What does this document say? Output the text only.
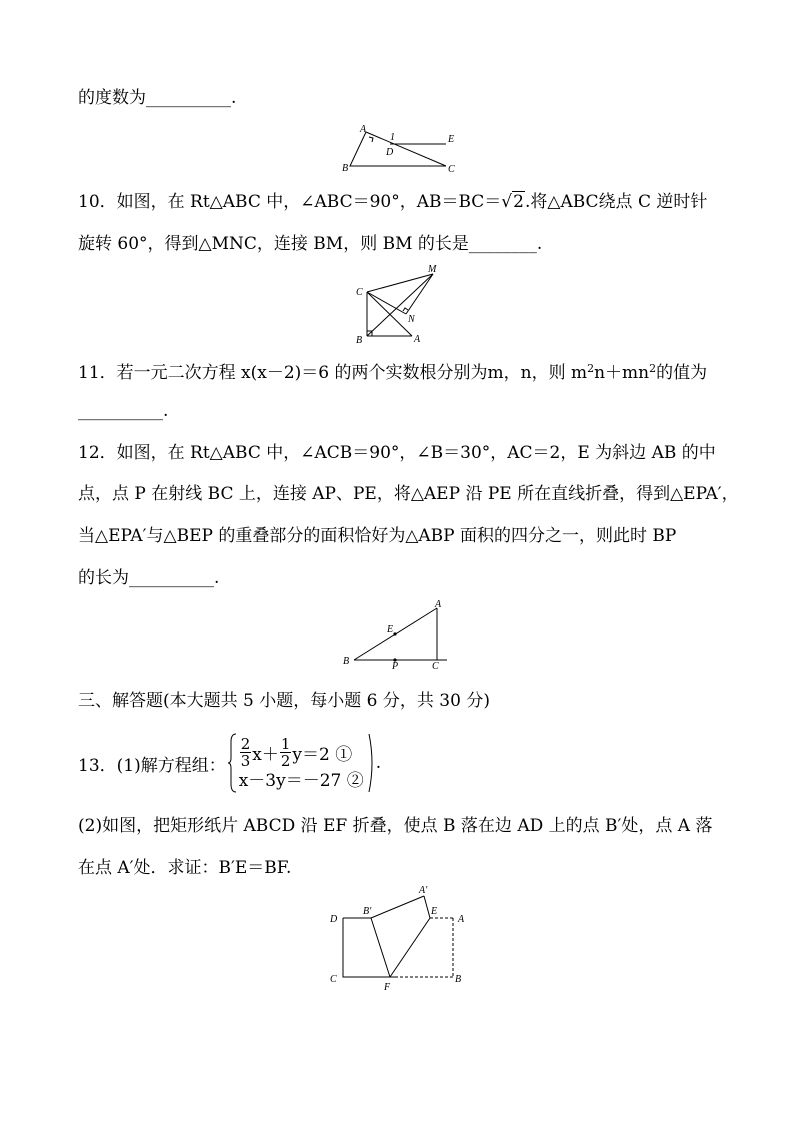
的度数为__________.
A
1	E
D
B	C
10．如图，在 Rt△ABC 中，∠ABC＝90°，AB＝BC＝√2.将△ABC绕点 C 逆时针
旋转 60°，得到△MNC，连接 BM，则 BM 的长是________.
M
C
N
B	A
11．若一元二次方程 x(x－2)＝6 的两个实数根分别为m，n，则 $m^2n+mn^2$的值为
__________.
12．如图，在 Rt△ABC 中，∠ACB＝90°，∠B＝30°，AC＝2，E 为斜边 AB 的中
点，点 P 在射线 BC 上，连接 AP、PE，将△AEP 沿 PE 所在直线折叠，得到△EPA′，
当△EPA′与△BEP 的重叠部分的面积恰好为△ABP 面积的四分之一，则此时 BP
的长为__________.
A
E
B	P	C
三、解答题(本大题共 5 小题，每小题 6 分，共 30 分)
13．(1)解方程组： $\frac{2}{3} x+ \frac{1}{2} y=2$ ①
x－3y＝－27 ②
.
(2)如图，把矩形纸片 ABCD 沿 EF 折叠，使点 B 落在边 AD 上的点 B′处，点 A 落
在点 A′处．求证：B′E＝BF.
D
B′
A′
E
A
C
F
B
